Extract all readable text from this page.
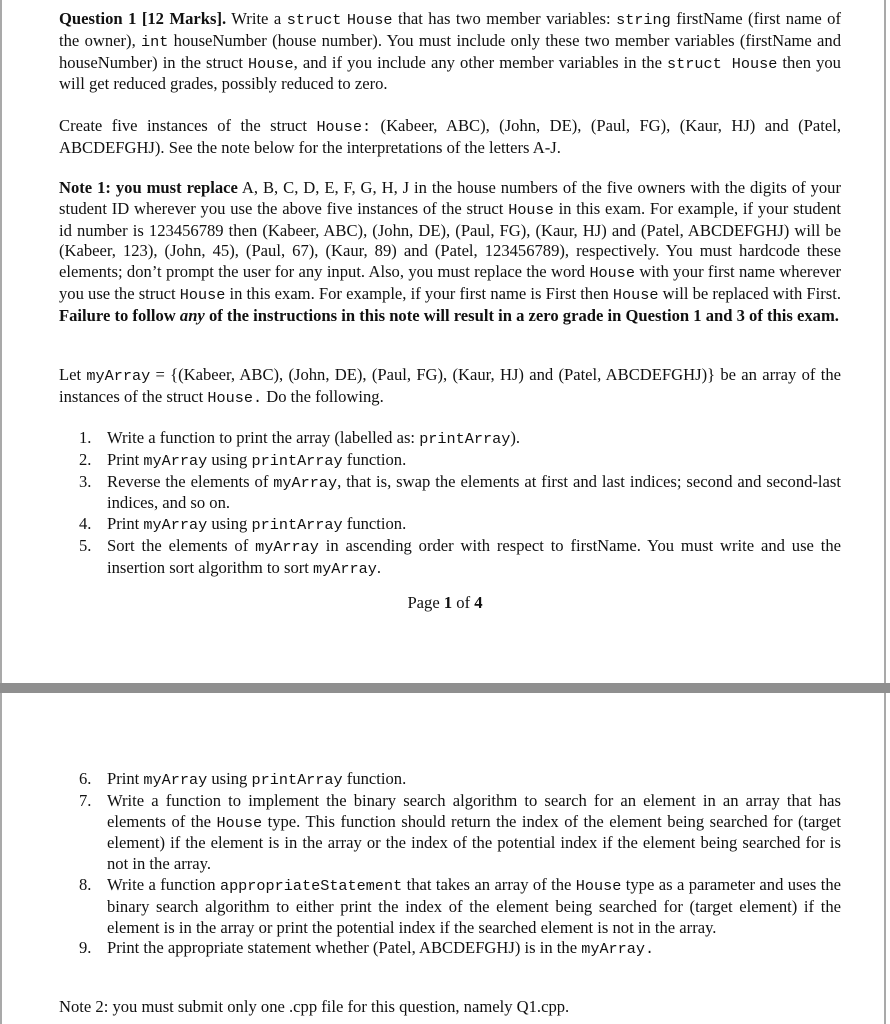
Question 1 [12 Marks]. Write a struct House that has two member variables: string firstName (first name of the owner), int houseNumber (house number). You must include only these two member variables (firstName and houseNumber) in the struct House, and if you include any other member variables in the struct House then you will get reduced grades, possibly reduced to zero.

Create five instances of the struct House: (Kabeer, ABC), (John, DE), (Paul, FG), (Kaur, HJ) and (Patel, ABCDEFGHJ). See the note below for the interpretations of the letters A-J.

Note 1: you must replace A, B, C, D, E, F, G, H, J in the house numbers of the five owners with the digits of your student ID wherever you use the above five instances of the struct House in this exam. For example, if your student id number is 123456789 then (Kabeer, ABC), (John, DE), (Paul, FG), (Kaur, HJ) and (Patel, ABCDEFGHJ) will be (Kabeer, 123), (John, 45), (Paul, 67), (Kaur, 89) and (Patel, 123456789), respectively. You must hardcode these elements; don’t prompt the user for any input. Also, you must replace the word House with your first name wherever you use the struct House in this exam. For example, if your first name is First then House will be replaced with First. Failure to follow any of the instructions in this note will result in a zero grade in Question 1 and 3 of this exam.

Let myArray = {(Kabeer, ABC), (John, DE), (Paul, FG), (Kaur, HJ) and (Patel, ABCDEFGHJ)} be an array of the instances of the struct House. Do the following.

1. Write a function to print the array (labelled as: printArray).
2. Print myArray using printArray function.
3. Reverse the elements of myArray, that is, swap the elements at first and last indices; second and second-last indices, and so on.
4. Print myArray using printArray function.
5. Sort the elements of myArray in ascending order with respect to firstName. You must write and use the insertion sort algorithm to sort myArray.
Page 1 of 4
6. Print myArray using printArray function.
7. Write a function to implement the binary search algorithm to search for an element in an array that has elements of the House type. This function should return the index of the element being searched for (target element) if the element is in the array or the index of the potential index if the element being searched for is not in the array.
8. Write a function appropriateStatement that takes an array of the House type as a parameter and uses the binary search algorithm to either print the index of the element being searched for (target element) if the element is in the array or print the potential index if the searched element is not in the array.
9. Print the appropriate statement whether (Patel, ABCDEFGHJ) is in the myArray.

Note 2: you must submit only one .cpp file for this question, namely Q1.cpp.
